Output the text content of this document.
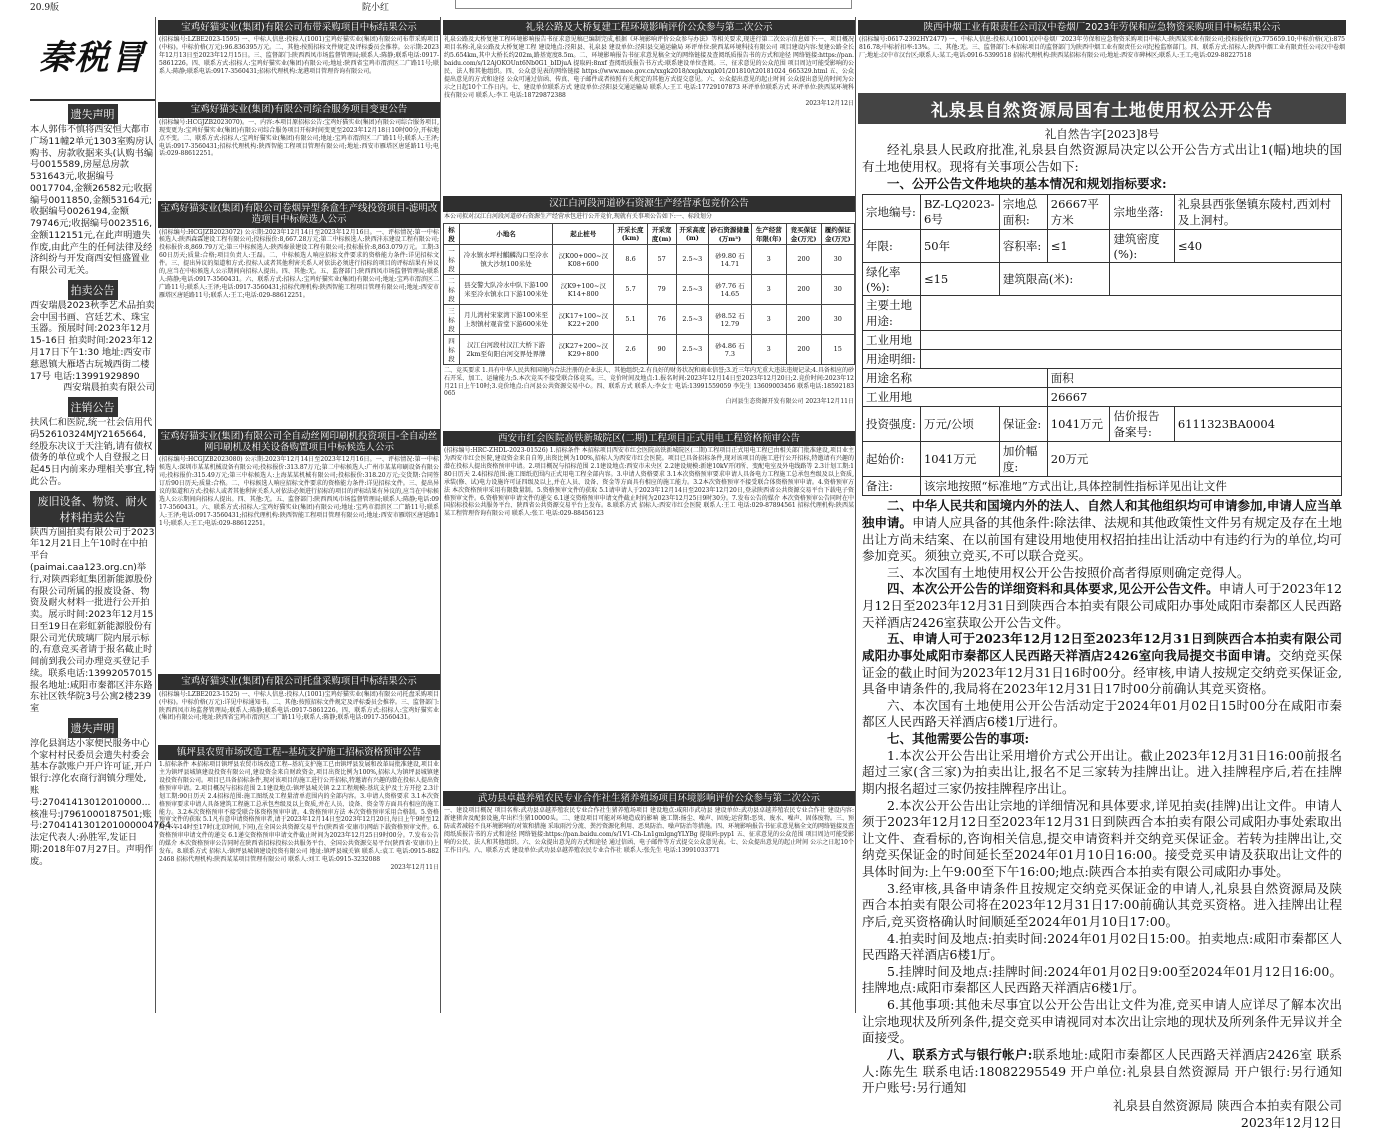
20.9版	院小红
秦税冒
遗失声明
本人郭伟不慎将西安恒大都市广场11幢2单元1303室购房认购书、房款收据来头(认购书编号0015589,房屋总房款531643元,收据编号0017704,金额26582元;收据编号0011850,金额53164元;收据编号0026194,金额79746元;收据编号0023516,金额112151元,在此声明遗失作废,由此产生的任何法律及经济纠纷与开发商西安恒盛置业有限公司无关。
拍卖公告
西安瑞晨2023秋季艺术品拍卖会中国书画、宫廷艺术、珠宝玉器。预展时间:2023年12月15-16日 拍卖时间:2023年12月17日下午1:30 地址:西安市慈恩镇大雁塔古玩城西街二楼17号 电话:13991929890
西安瑞晨拍卖有限公司
注销公告
扶风仁和医院,统一社会信用代码52610324MJY2165664,经股东决议于天注销,请有债权债务的单位或个人自登报之日起45日内前来办理相关事宜,特此公告。
废旧设备、物资、耐火材料拍卖公告
陕西方圆拍卖有限公司于2023年12月21日上午10时在中拍平台(paimai.caa123.org.cn)举行,对陕西彩虹集团新能源股份有限公司所属的报废设备、物资及耐火材料一批进行公开拍卖。展示时间:2023年12月15日至19日在彩虹新能源股份有限公司光伏玻璃厂院内展示标的,有意竞买者请于报名截止时间前到我公司办理竞买登记手续。联系电话:13992057015 报名地址:咸阳市秦都区沣东路东社区铁华院3号公寓2楼239室
遗失声明
淳化县润达小家便民服务中心个家村村民委员会遗失村委会基本存款账户开户许可证,开户银行:淳化农商行润镇分理处,账号:27041413012010000... 核准号:J7961000187501;账号:2704141301201000004764... 法定代表人:孙胜军,发证日期:2018年07月27日。声明作废。
宝鸡好猫实业(集团)有限公司布带采购项目中标结果公示
(招标编号:LZBE2023-1595) 一、中标人信息:投标人(1001)宝鸡好猫实业(集团)有限公司布带采购项目(中标)。中标价格(万元):96.836395万元。二、其他:按照招标文件规定及评标委员会推荐。公示期:2023年12月13日至2023年12月15日。三、监督部门:陕西西凤市场监督管理局;联系人:陈静;联系电话:0917-5861226。四、联系方式:招标人:宝鸡好猫实业(集团)有限公司;地址:陕西省宝鸡市渭滨区二广路11号;联系人:陈静;联系电话:0917-3560431;招标代理机构:龙港项目管理咨询有限公司。
宝鸡好猫实业(集团)有限公司综合服务项目变更公告
(招标编号:HCGJZB2023070)。一、内容:本项目原招标公告:宝鸡好猫实业(集团)有限公司综合服务项目,现变更为:宝鸡好猫实业(集团)有限公司综合服务项目开标时间变更至2023年12月18日10时00分,开标地点不变。二、联系方式:招标人:宝鸡好猫实业(集团)有限公司;地址:宝鸡市渭滨区二广路11号;联系人:王泽;电话:0917-3560431;招标代理机构:陕西智能工程项目管理有限公司;地址:西安市雁塔区唐延路11号;电话:029-88612251。
宝鸡好猫实业(集团)有限公司卷烟异型条盒生产线投资项目-滤明改造项目中标候选人公示
(招标编号:HCGJZB2023072) 公示期:2023年12月14日至2023年12月16日。一、评标情况:第一中标候选人:陕西森霖建设工程有限公司;投标报价:8,667.28万元;第二中标候选人:陕西沣东建设工程有限公司;投标报价:8,869.79万元;第三中标候选人:陕西秦景建设工程有限公司;投标报价:8,863.079万元。工期:360日历天;质量:合格;项目负责人:王磊。二、中标候选人响应招标文件要求的资格能力条件:详见招标文件。三、提出异议的渠道和方式:投标人或者其他利害关系人对依法必须进行招标的项目的评标结果有异议的,应当在中标候选人公示期间向招标人提出。四、其他:无。五、监督部门:陕西西凤市场监督管理局;联系人:陈静;电话:0917-3560431。六、联系方式:招标人:宝鸡好猫实业(集团)有限公司;地址:宝鸡市渭滨区二广路11号;联系人:王泽;电话:0917-3560431;招标代理机构:陕西智能工程项目管理有限公司;地址:西安市雁塔区唐延路11号;联系人:王工;电话:029-88612251。
宝鸡好猫实业(集团)有限公司全自动丝网印刷机投资项目-全自动丝网印刷机及相关设备购置项目中标候选人公示
(招标编号:HCGJZB2023080) 公示期:2023年12月14日至2023年12月16日。一、评标情况:第一中标候选人:深圳市某某机械设备有限公司;投标报价:313.87万元;第二中标候选人:广州市某某印刷设备有限公司;投标报价:315.49万元;第三中标候选人:上海某某机械有限公司;投标报价:318.20万元;交货期:合同签订后90日历天;质量:合格。二、中标候选人响应招标文件要求的资格能力条件:详见招标文件。三、提出异议的渠道和方式:投标人或者其他利害关系人对依法必须进行招标的项目的评标结果有异议的,应当在中标候选人公示期间向招标人提出。四、其他:无。五、监督部门:陕西西凤市场监督管理局;联系人:陈静;电话:0917-3560431。六、联系方式:招标人:宝鸡好猫实业(集团)有限公司;地址:宝鸡市渭滨区二广路11号;联系人:王泽;电话:0917-3560431;招标代理机构:陕西智能工程项目管理有限公司;地址:西安市雁塔区唐延路11号;联系人:王工;电话:029-88612251。
宝鸡好猫实业(集团)有限公司托盘采购项目中标结果公示
(招标编号:LZBE2023-1525) 一、中标人信息:投标人(1001)宝鸡好猫实业(集团)有限公司托盘采购项目(中标)。中标价格(万元):详见中标通知书。二、其他:按照招标文件规定及评标委员会推荐。三、监督部门:陕西西凤市场监督管理局;联系人:陈静;联系电话:0917-5861226。四、联系方式:招标人:宝鸡好猫实业(集团)有限公司;地址:陕西省宝鸡市渭滨区二广路11号;联系人:陈静;联系电话:0917-3560431。
镇坪县农贸市场改造工程--基坑支护施工招标资格预审公告
1.招标条件 本招标项目镇坪县农贸市场改造工程--基坑支护施工已由镇坪县发展和改革局批准建设,项目业主为镇坪县城镇建设投资有限公司,建设资金来自财政资金,项目出资比例为100%,招标人为镇坪县城镇建设投资有限公司。项目已具备招标条件,现对该项目的施工进行公开招标,特邀请有兴趣的潜在投标人提出资格预审申请。2.项目概况与招标范围 2.1建设地点:镇坪县城关镇 2.2工程规模:基坑支护及土方开挖 2.3计划工期:90日历天 2.4招标范围:施工图纸及工程量清单范围内的全部内容。3.申请人资格要求 3.1本次资格预审要求申请人具备建筑工程施工总承包叁级及以上资质,并在人员、设备、资金等方面具有相应的施工能力。3.2本次资格预审不接受联合体资格预审申请。4.资格预审方法 本次资格预审采用合格制。5.资格预审文件的获取 5.1凡有意申请资格预审者,请于2023年12月14日至2023年12月20日,每日上午9时至12时,下午14时至17时(北京时间,下同),在全国公共资源交易平台(陕西省·安康市)网站下载资格预审文件。6.资格预审申请文件的递交 6.1递交资格预审申请文件截止时间为2023年12月25日9时00分。7.发布公告的媒介 本次资格预审公告同时在陕西省招标投标公共服务平台、全国公共资源交易平台(陕西省·安康市)上发布。8.联系方式 招标人:镇坪县城镇建设投资有限公司 地址:镇坪县城关镇 联系人:袁工 电话:0915-8822468 招标代理机构:陕西某某项目管理有限公司 联系人:刘工 电话:0915-3232088
2023年12月11日
礼泉公路及大桥复建工程环境影响评价公众参与第二次公示
礼泉公路及大桥复建工程环境影响报告书征求意见稿已编制完成,根据《环境影响评价公众参与办法》等相关要求,现进行第二次公示信息如下:一、项目概况 项目名称:礼泉公路及大桥复建工程 建设地点:泾阳县、礼泉县 建设单位:泾阳县交通运输局 环评单位:陕西某环境科技有限公司 项目建设内容:复建公路全长约5.654km,其中大桥长约202m,路基宽度8.5m。二、环境影响报告书征求意见稿全文的网络链接及查阅纸质报告书的方式和途径 网络链接:https://pan.baidu.com/s/12AjOKOUnt6Nb0G1_bIDjuA 提取码:8nxf 查阅纸质报告书方式:联系建设单位查阅。三、征求意见的公众范围 项目周边可能受影响的公民、法人和其他组织。四、公众意见表的网络链接 https://www.mee.gov.cn/xxgk2018/xxgk/xxgk01/201810/t20181024_665329.html 五、公众提出意见的方式和途径 公众可通过信函、传真、电子邮件或者按照有关规定的其他方式提交意见。六、公众提出意见的起止时间 公众提出意见的时间为公示之日起10个工作日内。七、建设单位联系方式 建设单位:泾阳县交通运输局 联系人:王工 电话:17729107873 环评单位联系方式 环评单位:陕西某环境科技有限公司 联系人:李工 电话:18729872388
2023年12月12日
汉江白河段河道砂石资源生产经营承包竞价公告
本公司拟对汉江白河段河道砂石资源生产经营承包进行公开竞价,现就有关事项公告如下:一、标段划分
标段	小地名	起止桩号	开采长度(km)	开采宽度(m)	开采高度(m)	砂石资源储量(万m³)	生产经营年限(年)	竞买保证金(万元)	履约保证金(万元)
一标段	冷水镇水坪村麒麟沟口至冷水镇大沙坝100米处	汉K00+000~汉K08+600	8.6	57	2.5~3	砂9.80 石14.71	3	200	30
二标段	县交警大队冷水中队下游100米至冷水镇水口下游100米处	汉K9+100~汉K14+800	5.7	79	2.5~3	砂7.76 石14.65	3	200	30
三标段	月儿湾村宋家湾下游100米至上坝镇村观音堂下游600米处	汉K17+100~汉K22+200	5.1	76	2.5~3	砂8.52 石12.79	3	200	30
四标段	汉江白河段村汉江大桥下游2km至旬阳白河交界处界牌	汉K27+200~汉K29+800	2.6	90	2.5~3	砂4.86 石7.3	3	200	15
二、竞买要求 1.具有中华人民共和国境内合法注册的企业法人、其他组织;2.有良好的财务状况和商业信誉;3.近三年内无重大违法违规记录;4.具备相应的砂石开采、加工、运输能力;5.本次竞买不接受联合体竞买。三、竞价时间及地点:1.报名时间:2023年12月14日至2023年12月20日;2.竞价时间:2023年12月21日上午10时;3.竞价地点:白河县公共资源交易中心。四、联系方式 联系人:李女士 电话:13991559059 李先生 13609003456 联系电话:18592183065
白河县生态资源开发有限公司 2023年12月11日
西安市红会医院高铁新城院区(二期)工程项目正式用电工程资格预审公告
(招标编号:HRC-ZHDL-2023-01526) 1.招标条件 本招标项目西安市红会医院高铁新城院区(二期)工程项目正式用电工程已由相关部门批准建设,项目业主为西安市红会医院,建设资金来自自筹,出资比例为100%,招标人为西安市红会医院。项目已具备招标条件,现对该项目的施工进行公开招标,特邀请有兴趣的潜在投标人提出资格预审申请。2.项目概况与招标范围 2.1建设地点:西安市未央区 2.2建设规模:新建10kV开闭所、变配电室及外电线路等 2.3计划工期:180日历天 2.4招标范围:施工图纸范围内正式用电工程全部内容。3.申请人资格要求 3.1本次资格预审要求申请人具备电力工程施工总承包叁级及以上资质,承装(修、试)电力设施许可证四级及以上,并在人员、设备、资金等方面具有相应的施工能力。3.2本次资格预审不接受联合体资格预审申请。4.资格预审方法 本次资格预审采用有限数量制。5.资格预审文件的获取 5.1请申请人于2023年12月14日至2023年12月20日,登录陕西省公共资源交易平台下载电子资格预审文件。6.资格预审申请文件的递交 6.1递交资格预审申请文件截止时间为2023年12月25日9时30分。7.发布公告的媒介 本次资格预审公告同时在中国招标投标公共服务平台、陕西省公共资源交易平台上发布。8.联系方式 招标人:西安市红会医院 联系人:王工 电话:029-87894561 招标代理机构:陕西某某工程管理咨询有限公司 联系人:张工 电话:029-88456123
武功县卓越养殖农民专业合作社生猪养殖场项目环境影响评价公众参与第二次公示
一、建设项目概况 项目名称:武功县卓越养殖农民专业合作社生猪养殖场项目 建设地点:咸阳市武功县 建设单位:武功县卓越养殖农民专业合作社 建设内容:新建猪舍及配套设施,年出栏生猪10000头。二、建设项目可能对环境造成的影响 施工期:扬尘、噪声、固废;运营期:恶臭、废水、噪声、固体废物。三、预防或者减轻不良环境影响的对策和措施 采取雨污分流、粪污资源化利用、恶臭防治、噪声防治等措施。四、环境影响报告书征求意见稿全文的网络链接及查阅纸质报告书的方式和途径 网络链接:https://pan.baidu.com/s/1V1-Ch-Ln1gmlgngYLYBg 提取码:pyp1 五、征求意见的公众范围 项目周边可能受影响的公民、法人和其他组织。六、公众提出意见的方式和途径 通过信函、电子邮件等方式提交公众意见表。七、公众提出意见的起止时间 公示之日起10个工作日内。八、联系方式 建设单位:武功县卓越养殖农民专业合作社 联系人:张先生 电话:13991033771
陕西中烟工业有限责任公司汉中卷烟厂2023年劳保和应急物资采购项目中标结果公示
(招标编号:0617-2392HY2477) 一、中标人信息:投标人(1001)汉中卷烟厂2023年劳保和应急物资采购项目中标人:陕西某实业有限公司;投标报价(元):775659.10;中标价格(元):875816.78;中标折扣率:13%。二、其他:无。三、监督部门:本招标项目的监督部门为陕西中烟工业有限责任公司纪检监察部门。四、联系方式:招标人:陕西中烟工业有限责任公司汉中卷烟厂;地址:汉中市汉台区;联系人:某工;电话:0916-5399518 招标代理机构:陕西某招标有限公司;地址:西安市碑林区;联系人:王工;电话:029-88227518
礼泉县自然资源局国有土地使用权公开公告
礼自然告字[2023]8号

经礼泉县人民政府批准,礼泉县自然资源局决定以公开公告方式出让1(幅)地块的国有土地使用权。现将有关事项公告如下:

一、公开公告文件地块的基本情况和规划指标要求:

宗地编号:	BZ-LQ2023-6号	宗地总面积:	26667平方米	宗地坐落:	礼泉县西张堡镇东陵村,西刘村及上洞村。
年限:	50年	容积率:	≤1	建筑密度(%):	≤40
绿化率(%):	≤15	建筑限高(米):			
主要土地用途:					
工业用地					
用途明细:					
用途名称			面积		
工业用地			26667		
投资强度:	万元/公顷	保证金:	1041万元	估价报告备案号:	6111323BA0004
起始价:	1041万元	加价幅度:	20万元		
备注:	该宗地按照“标准地”方式出让,具体控制性指标详见出让文件				

二、中华人民共和国境内外的法人、自然人和其他组织均可申请参加,申请人应当单独申请。申请人应具备的其他条件:除法律、法规和其他政策性文件另有规定及存在土地出让方尚未结案、在以前国有建设用地使用权招拍挂出让活动中有违约行为的单位,均可参加竞买。须独立竞买,不可以联合竞买。

三、本次国有土地使用权公开公告按照价高者得原则确定竞得人。

四、本次公开公告的详细资料和具体要求,见公开公告文件。申请人可于2023年12月12日至2023年12月31日到陕西合本拍卖有限公司咸阳办事处咸阳市秦都区人民西路天祥酒店2426室获取公开公告文件。

五、申请人可于2023年12月12日至2023年12月31日到陕西合本拍卖有限公司咸阳办事处咸阳市秦都区人民西路天祥酒店2426室向我局提交书面申请。交纳竞买保证金的截止时间为2023年12月31日16时00分。经审核,申请人按规定交纳竞买保证金,具备申请条件的,我局将在2023年12月31日17时00分前确认其竞买资格。

六、本次国有土地使用公开公告活动定于2024年01月02日15时00分在咸阳市秦都区人民西路天祥酒店6楼1厅进行。

七、其他需要公告的事项:

1.本次公开公告出让采用增价方式公开出让。截止2023年12月31日16:00前报名超过三家(含三家)为拍卖出让,报名不足三家转为挂牌出让。进入挂牌程序后,若在挂牌期内报名超过三家仍按挂牌程序出让。

2.本次公开公告出让宗地的详细情况和具体要求,详见拍卖(挂牌)出让文件。申请人须于2023年12月12日至2023年12月31日到陕西合本拍卖有限公司咸阳办事处索取出让文件、查看标的,咨询相关信息,提交申请资料并交纳竞买保证金。若转为挂牌出让,交纳竞买保证金的时间延长至2024年01月10日16:00。接受竞买申请及获取出让文件的具体时间为:上午9:00至下午16:00;地点:陕西合本拍卖有限公司咸阳办事处。

3.经审核,具备申请条件且按规定交纳竞买保证金的申请人,礼泉县自然资源局及陕西合本拍卖有限公司将在2023年12月31日17:00前确认其竞买资格。进入挂牌出让程序后,竞买资格确认时间顺延至2024年01月10日17:00。

4.拍卖时间及地点:拍卖时间:2024年01月02日15:00。拍卖地点:咸阳市秦都区人民西路天祥酒店6楼1厅。

5.挂牌时间及地点:挂牌时间:2024年01月02日9:00至2024年01月12日16:00。挂牌地点:咸阳市秦都区人民西路天祥酒店6楼1厅。

6.其他事项:其他未尽事宜以公开公告出让文件为准,竞买申请人应详尽了解本次出让宗地现状及所列条件,提交竞买申请视同对本次出让宗地的现状及所列条件无异议并全面接受。

八、联系方式与银行帐户:联系地址:咸阳市秦都区人民西路天祥酒店2426室 联系人:陈先生 联系电话:18082295549 开户单位:礼泉县自然资源局 开户银行:另行通知 开户账号:另行通知

礼泉县自然资源局 陕西合本拍卖有限公司
2023年12月12日
